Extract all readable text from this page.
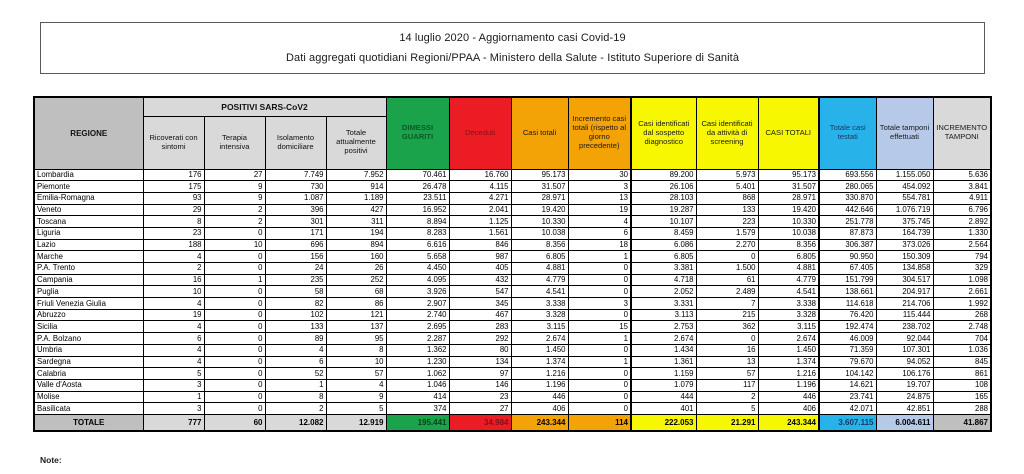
14 luglio 2020 - Aggiornamento casi Covid-19
Dati aggregati quotidiani Regioni/PPAA - Ministero della Salute - Istituto Superiore di Sanità
REGIONE	POSITIVI SARS-CoV2				DIMESSI GUARITI	Deceduti	Casi totali	Incremento casi totali (rispetto al giorno precedente)	Casi identificati dal sospetto diagnostico	Casi identificati da attività di screening	CASI TOTALI	Totale casi testati	Totale tamponi effettuati	INCREMENTO TAMPONI
	Ricoverati con sintomi	Terapia intensiva	Isolamento domiciliare	Totale attualmente positivi										
Lombardia	176	27	7.749	7.952	70.461	16.760	95.173	30	89.200	5.973	95.173	693.556	1.155.050	5.636
Piemonte	175	9	730	914	26.478	4.115	31.507	3	26.106	5.401	31.507	280.065	454.092	3.841
Emilia-Romagna	93	9	1.087	1.189	23.511	4.271	28.971	13	28.103	868	28.971	330.870	554.781	4.911
Veneto	29	2	396	427	16.952	2.041	19.420	19	19.287	133	19.420	442.646	1.076.719	6.796
Toscana	8	2	301	311	8.894	1.125	10.330	4	10.107	223	10.330	251.778	375.745	2.892
Liguria	23	0	171	194	8.283	1.561	10.038	6	8.459	1.579	10.038	87.873	164.739	1.330
Lazio	188	10	696	894	6.616	846	8.356	18	6.086	2.270	8.356	306.387	373.026	2.564
Marche	4	0	156	160	5.658	987	6.805	1	6.805	0	6.805	90.950	150.309	794
P.A. Trento	2	0	24	26	4.450	405	4.881	0	3.381	1.500	4.881	67.405	134.858	329
Campania	16	1	235	252	4.095	432	4.779	0	4.718	61	4.779	151.799	304.517	1.098
Puglia	10	0	58	68	3.926	547	4.541	0	2.052	2.489	4.541	138.661	204.917	2.661
Friuli Venezia Giulia	4	0	82	86	2.907	345	3.338	3	3.331	7	3.338	114.618	214.706	1.992
Abruzzo	19	0	102	121	2.740	467	3.328	0	3.113	215	3.328	76.420	115.444	268
Sicilia	4	0	133	137	2.695	283	3.115	15	2.753	362	3.115	192.474	238.702	2.748
P.A. Bolzano	6	0	89	95	2.287	292	2.674	1	2.674	0	2.674	46.009	92.044	704
Umbria	4	0	4	8	1.362	80	1.450	0	1.434	16	1.450	71.359	107.301	1.036
Sardegna	4	0	6	10	1.230	134	1.374	1	1.361	13	1.374	79.670	94.052	845
Calabria	5	0	52	57	1.062	97	1.216	0	1.159	57	1.216	104.142	106.176	861
Valle d'Aosta	3	0	1	4	1.046	146	1.196	0	1.079	117	1.196	14.621	19.707	108
Molise	1	0	8	9	414	23	446	0	444	2	446	23.741	24.875	165
Basilicata	3	0	2	5	374	27	406	0	401	5	406	42.071	42.851	288
TOTALE	777	60	12.082	12.919	195.441	34.984	243.344	114	222.053	21.291	243.344	3.607.115	6.004.611	41.867
Note:
